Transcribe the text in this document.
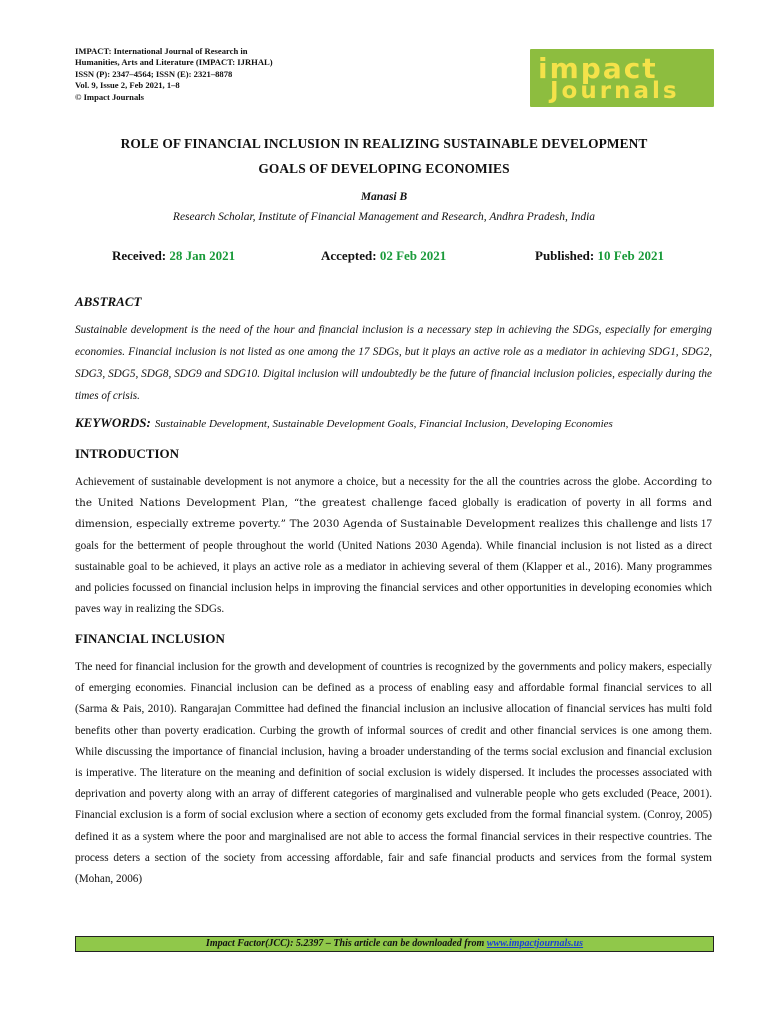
IMPACT: International Journal of Research in
Humanities, Arts and Literature (IMPACT: IJRHAL)
ISSN (P): 2347–4564; ISSN (E): 2321–8878
Vol. 9, Issue 2, Feb 2021, 1–8
© Impact Journals
impact
Journals
ROLE OF FINANCIAL INCLUSION IN REALIZING SUSTAINABLE DEVELOPMENT
GOALS OF DEVELOPING ECONOMIES
Manasi B
Research Scholar, Institute of Financial Management and Research, Andhra Pradesh, India
Received: 28 Jan 2021	Accepted: 02 Feb 2021	Published: 10 Feb 2021
ABSTRACT
Sustainable development is the need of the hour and financial inclusion is a necessary step in achieving the SDGs, especially for emerging economies. Financial inclusion is not listed as one among the 17 SDGs, but it plays an active role as a mediator in achieving SDG1, SDG2, SDG3, SDG5, SDG8, SDG9 and SDG10. Digital inclusion will undoubtedly be the future of financial inclusion policies, especially during the times of crisis.
KEYWORDS: Sustainable Development, Sustainable Development Goals, Financial Inclusion, Developing Economies
INTRODUCTION
Achievement of sustainable development is not anymore a choice, but a necessity for the all the countries across the globe. According to the United Nations Development Plan, “the greatest challenge faced globally is eradication of poverty in all forms and dimension, especially extreme poverty.” The 2030 Agenda of Sustainable Development realizes this challenge and lists 17 goals for the betterment of people throughout the world (United Nations 2030 Agenda). While financial inclusion is not listed as a direct sustainable goal to be achieved, it plays an active role as a mediator in achieving several of them (Klapper et al., 2016). Many programmes and policies focussed on financial inclusion helps in improving the financial services and other opportunities in developing economies which paves way in realizing the SDGs.
FINANCIAL INCLUSION
The need for financial inclusion for the growth and development of countries is recognized by the governments and policy makers, especially of emerging economies. Financial inclusion can be defined as a process of enabling easy and affordable formal financial services to all (Sarma & Pais, 2010). Rangarajan Committee had defined the financial inclusion an inclusive allocation of financial services has multi fold benefits other than poverty eradication. Curbing the growth of informal sources of credit and other financial services is one among them. While discussing the importance of financial inclusion, having a broader understanding of the terms social exclusion and financial exclusion is imperative. The literature on the meaning and definition of social exclusion is widely dispersed. It includes the processes associated with deprivation and poverty along with an array of different categories of marginalised and vulnerable people who gets excluded (Peace, 2001). Financial exclusion is a form of social exclusion where a section of economy gets excluded from the formal financial system. (Conroy, 2005) defined it as a system where the poor and marginalised are not able to access the formal financial services in their respective countries. The process deters a section of the society from accessing affordable, fair and safe financial products and services from the formal system (Mohan, 2006)
Impact Factor(JCC): 5.2397 – This article can be downloaded from www.impactjournals.us
